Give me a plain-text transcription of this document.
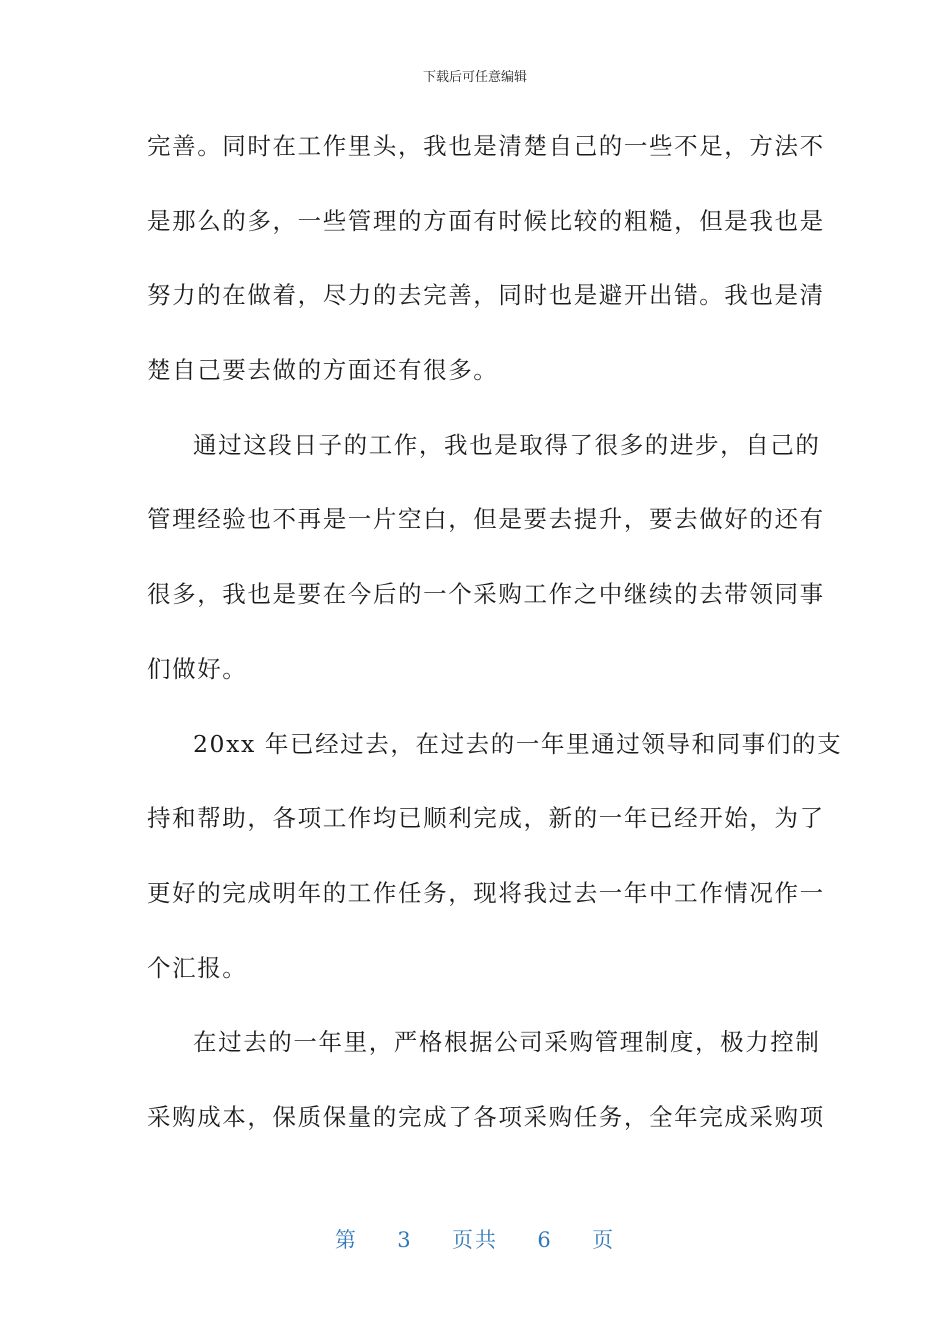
下载后可任意编辑
完善。同时在工作里头，我也是清楚自己的一些不足，方法不
是那么的多，一些管理的方面有时候比较的粗糙，但是我也是
努力的在做着，尽力的去完善，同时也是避开出错。我也是清
楚自己要去做的方面还有很多。
通过这段日子的工作，我也是取得了很多的进步，自己的
管理经验也不再是一片空白，但是要去提升，要去做好的还有
很多，我也是要在今后的一个采购工作之中继续的去带领同事
们做好。
20xx 年已经过去，在过去的一年里通过领导和同事们的支
持和帮助，各项工作均已顺利完成，新的一年已经开始，为了
更好的完成明年的工作任务，现将我过去一年中工作情况作一
个汇报。
在过去的一年里，严格根据公司采购管理制度，极力控制
采购成本，保质保量的完成了各项采购任务，全年完成采购项
第 3 页共 6 页
